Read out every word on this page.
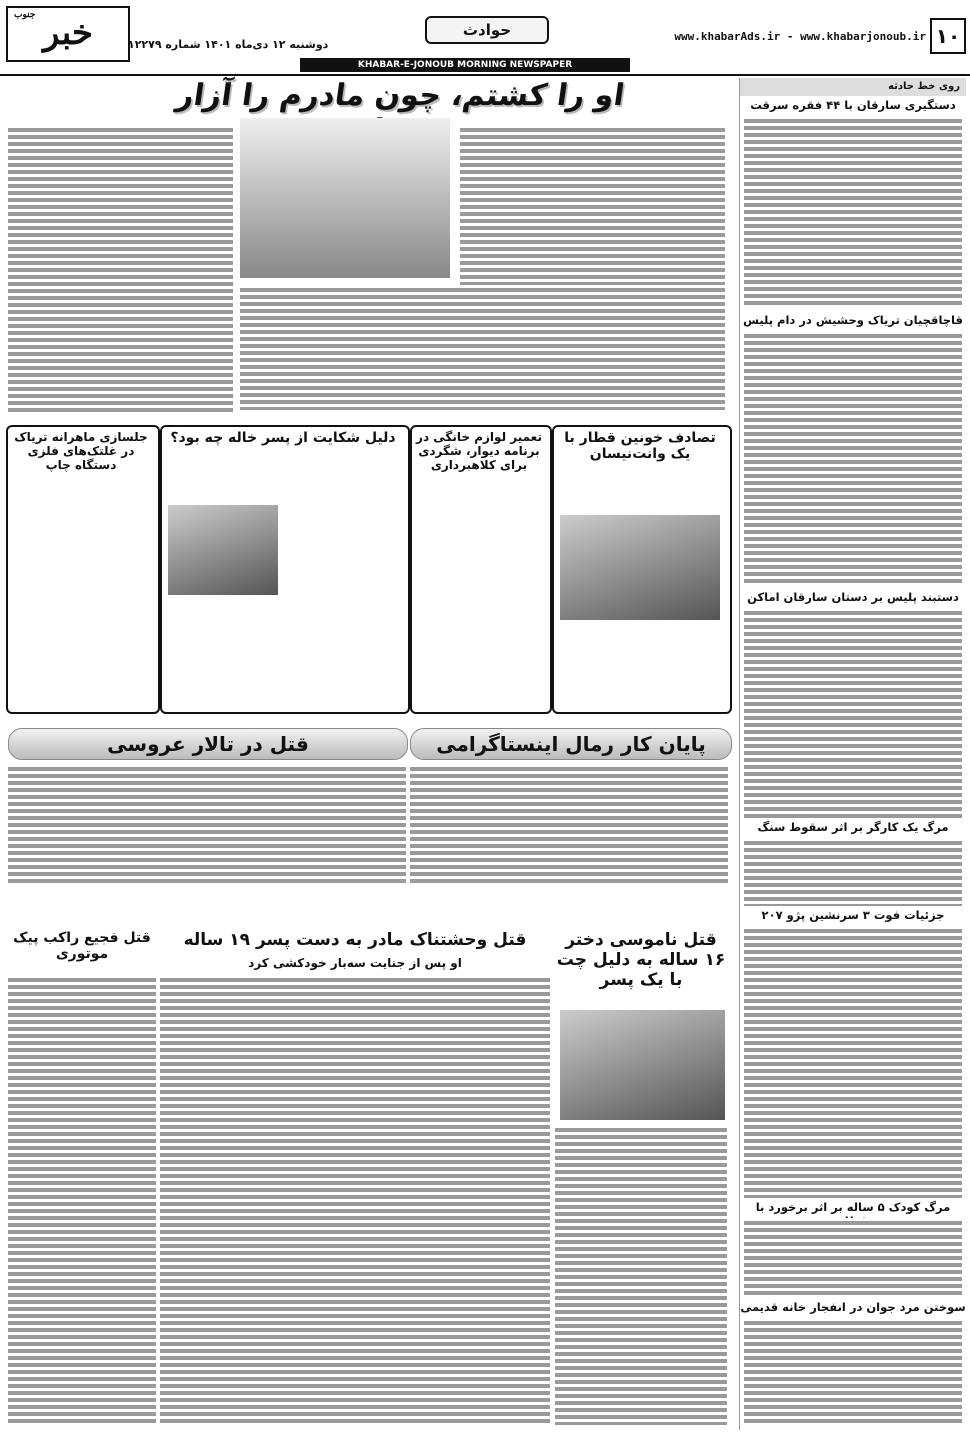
۱۰
www.khabarAds.ir - www.khabarjonoub.ir
حوادث
دوشنبه ۱۲ دی‌ماه ۱۴۰۱ شماره ۱۲۲۷۹
جنوب خبر
KHABAR-E-JONOUB MORNING NEWSPAPER
روی خط حادثه
دستگیری سارقان با ۴۴ فقره سرقت
قاچاقچیان تریاک وحشیش در دام پلیس
دستبند پلیس بر دستان سارقان اماکن
مرگ یک کارگر بر اثر سقوط سنگ
جزئیات فوت ۳ سرنشین پژو ۲۰۷
مرگ کودک ۵ ساله بر اثر برخورد با
سوختن مرد جوان در انفجار خانه قدیمی
او را کشتم، چون مادرم را آزار
تصادف خونین قطار با یک وانت‌نیسان
تعمیر لوازم خانگی در برنامه دیوار، شگردی برای کلاهبرداری
دلیل شکایت از پسر خاله چه بود؟
جلسازی ماهرانه تریاک در غلتک‌های فلزی دستگاه چاپ
پایان کار رمال اینستاگرامی
قتل در تالار عروسی
قتل ناموسی دختر ۱۶ ساله به دلیل چت با یک پسر
قتل وحشتناک مادر به دست پسر ۱۹ ساله
او پس از جنایت سه‌بار خودکشی کرد
قتل فجیع راکب پیک موتوری
